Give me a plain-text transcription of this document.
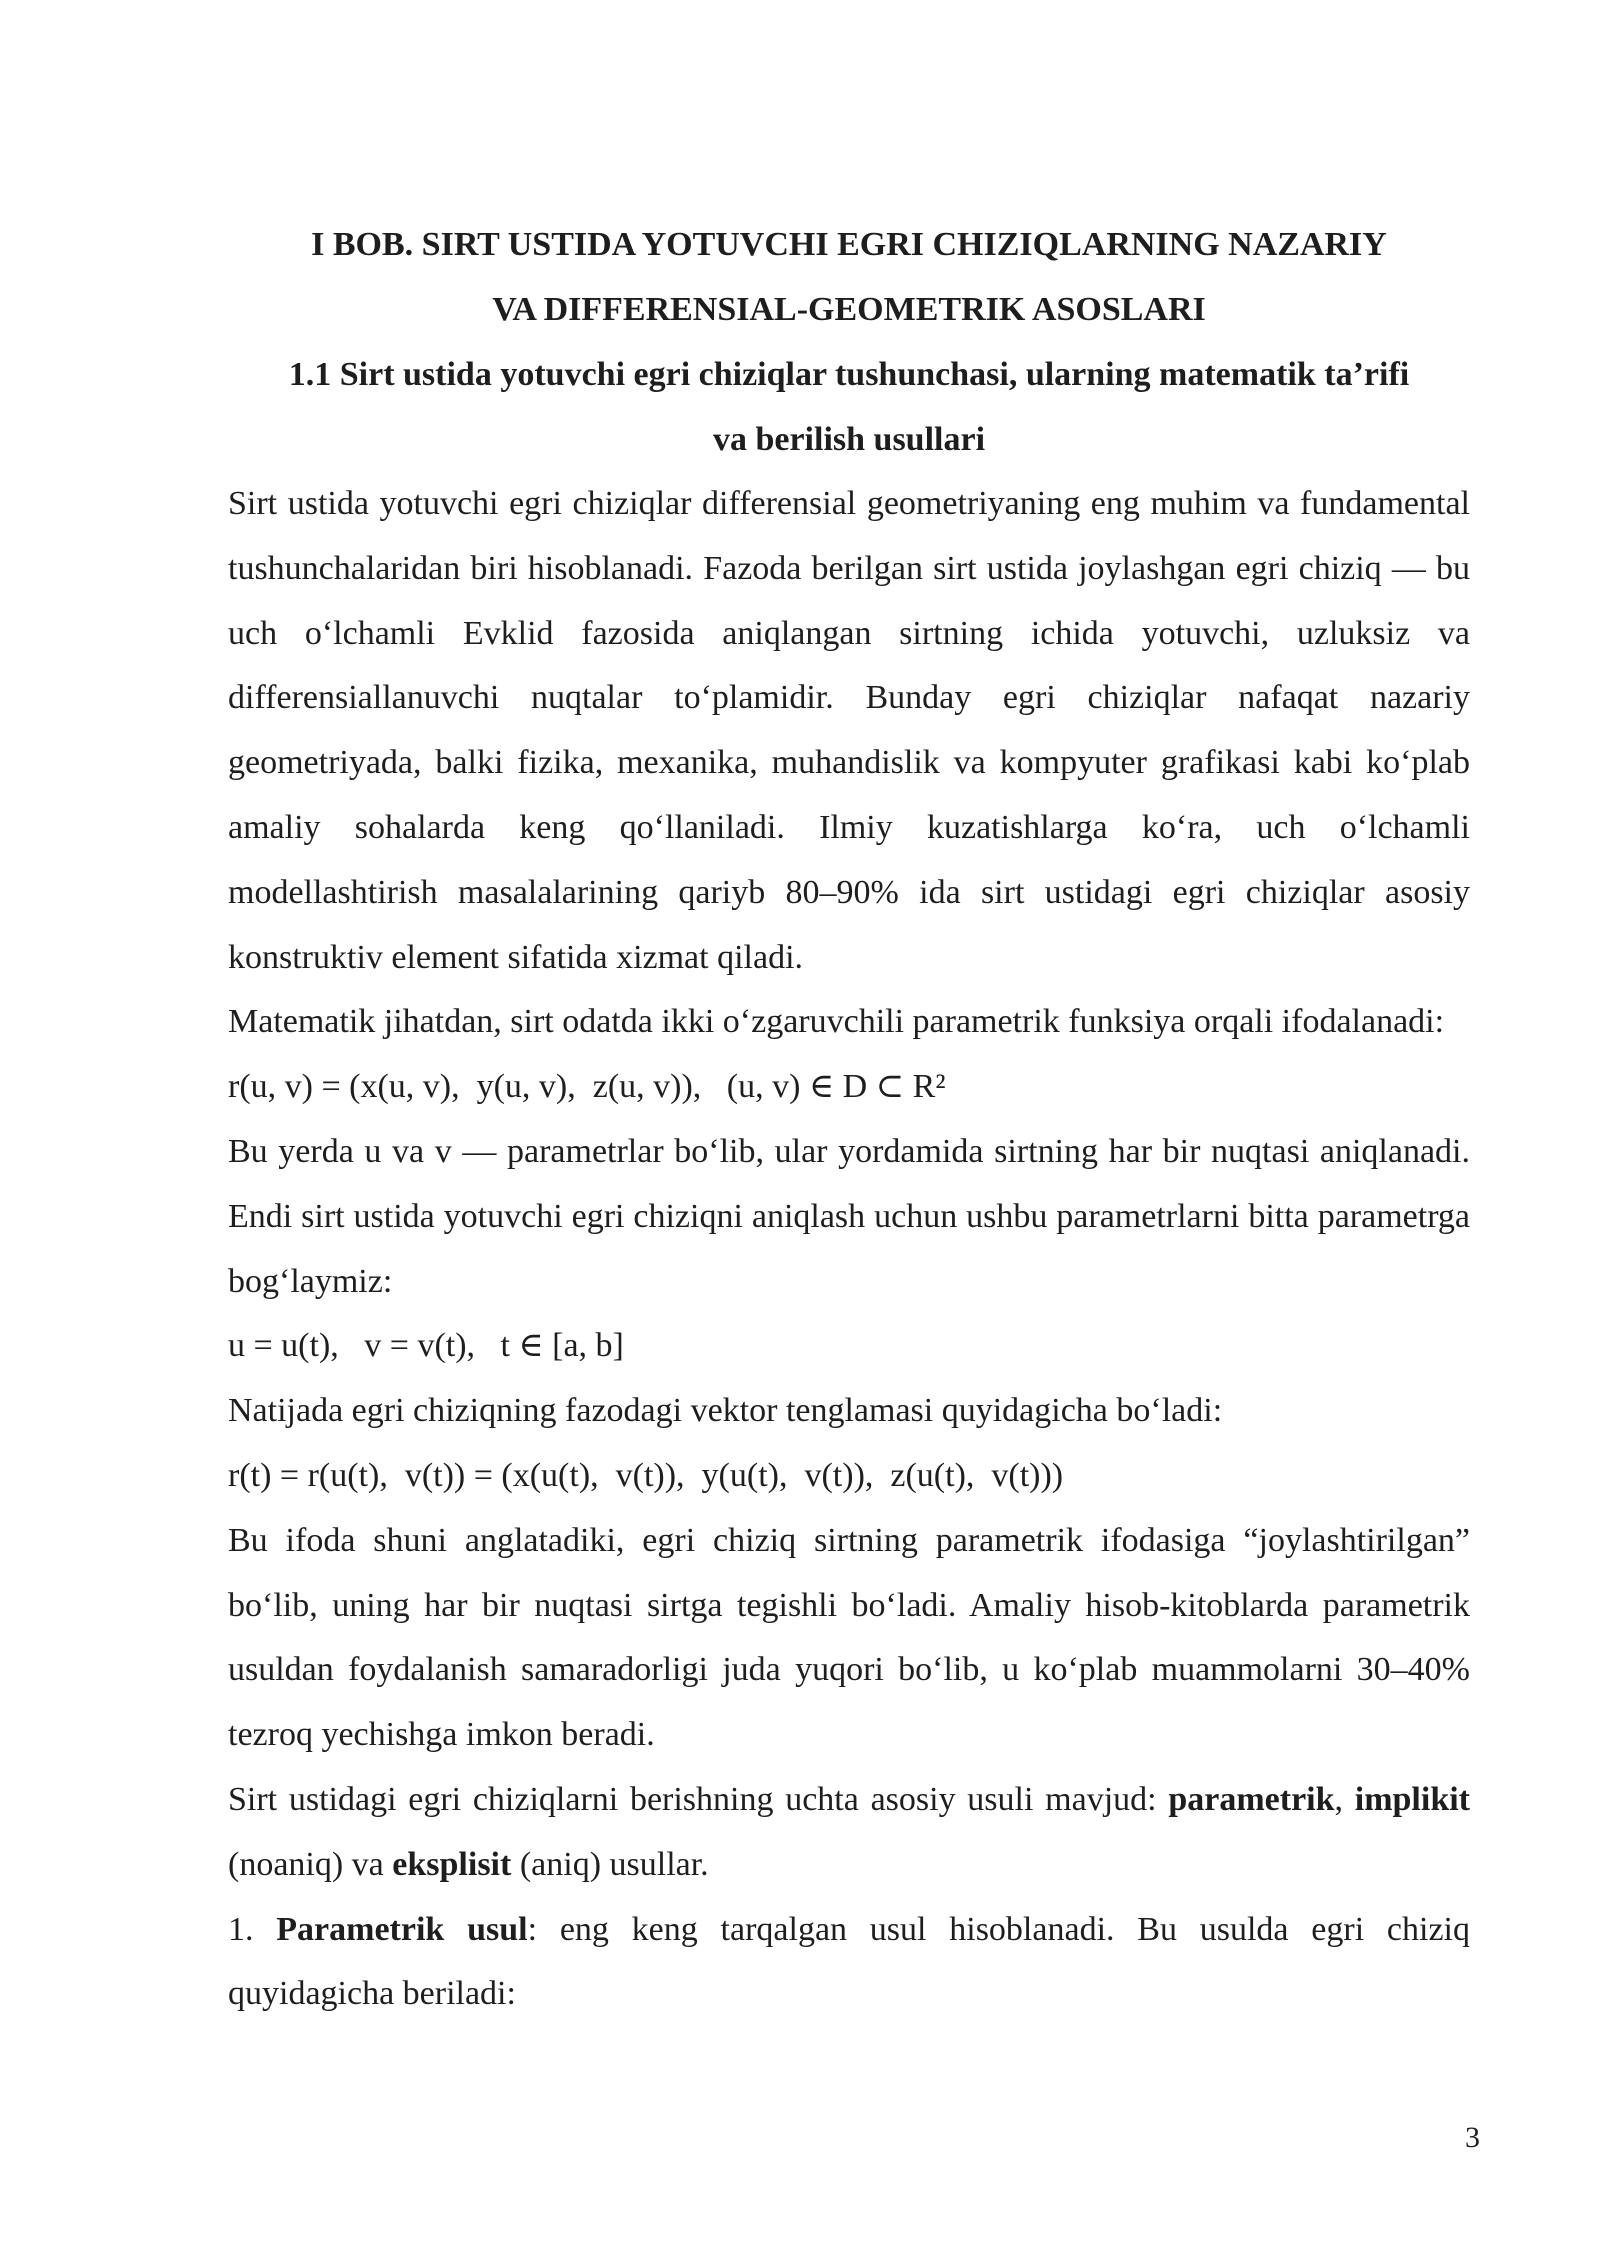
I BOB. SIRT USTIDA YOTUVCHI EGRI CHIZIQLARNING NAZARIY
VA DIFFERENSIAL-GEOMETRIK ASOSLARI
1.1 Sirt ustida yotuvchi egri chiziqlar tushunchasi, ularning matematik ta’rifi
va berilish usullari

Sirt ustida yotuvchi egri chiziqlar differensial geometriyaning eng muhim va fundamental tushunchalaridan biri hisoblanadi. Fazoda berilgan sirt ustida joylashgan egri chiziq — bu uch o‘lchamli Evklid fazosida aniqlangan sirtning ichida yotuvchi, uzluksiz va differensiallanuvchi nuqtalar to‘plamidir. Bunday egri chiziqlar nafaqat nazariy geometriyada, balki fizika, mexanika, muhandislik va kompyuter grafikasi kabi ko‘plab amaliy sohalarda keng qo‘llaniladi. Ilmiy kuzatishlarga ko‘ra, uch o‘lchamli modellashtirish masalalarining qariyb 80–90% ida sirt ustidagi egri chiziqlar asosiy konstruktiv element sifatida xizmat qiladi.

Matematik jihatdan, sirt odatda ikki o‘zgaruvchili parametrik funksiya orqali ifodalanadi:

r(u, v) = (x(u, v),  y(u, v),  z(u, v)),   (u, v) ∈ D ⊂ R²

Bu yerda u va v — parametrlar bo‘lib, ular yordamida sirtning har bir nuqtasi aniqlanadi. Endi sirt ustida yotuvchi egri chiziqni aniqlash uchun ushbu parametrlarni bitta parametrga bog‘laymiz:

u = u(t),   v = v(t),   t ∈ [a, b]

Natijada egri chiziqning fazodagi vektor tenglamasi quyidagicha bo‘ladi:

r(t) = r(u(t),  v(t)) = (x(u(t),  v(t)),  y(u(t),  v(t)),  z(u(t),  v(t)))

Bu ifoda shuni anglatadiki, egri chiziq sirtning parametrik ifodasiga “joylashtirilgan” bo‘lib, uning har bir nuqtasi sirtga tegishli bo‘ladi. Amaliy hisob-kitoblarda parametrik usuldan foydalanish samaradorligi juda yuqori bo‘lib, u ko‘plab muammolarni 30–40% tezroq yechishga imkon beradi.

Sirt ustidagi egri chiziqlarni berishning uchta asosiy usuli mavjud: parametrik, implikit (noaniq) va eksplisit (aniq) usullar.

1. Parametrik usul: eng keng tarqalgan usul hisoblanadi. Bu usulda egri chiziq quyidagicha beriladi:

3
